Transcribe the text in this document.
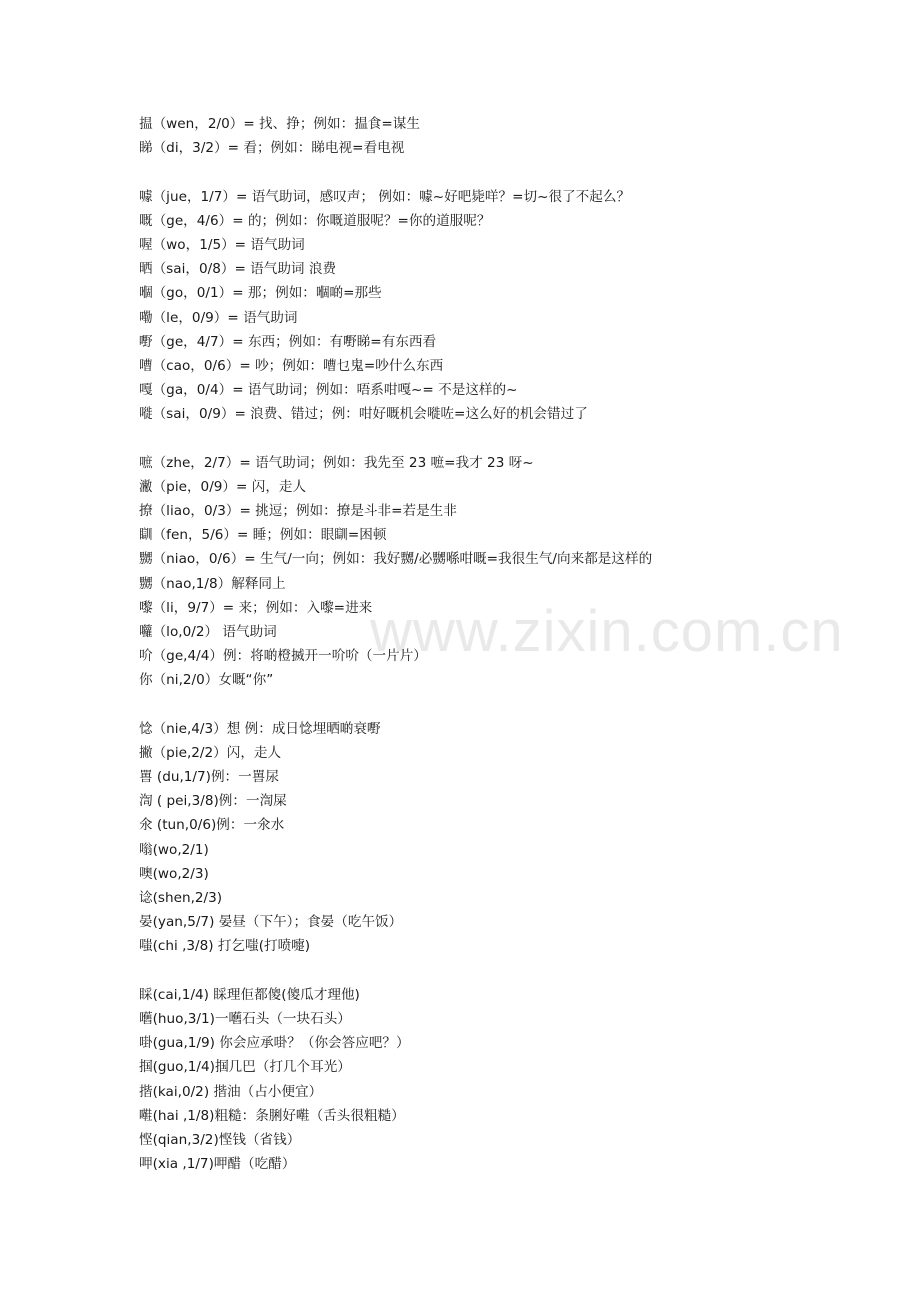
www.zixin.com.cn
揾（wen，2/0）= 找、挣；例如：揾食=谋生
睇（di，3/2）= 看；例如：睇电视=看电视
噱（jue，1/7）= 语气助词，感叹声； 例如：噱~好吧毙咩？=切~很了不起么？
嘅（ge，4/6）= 的；例如：你嘅道服呢？=你的道服呢？
喔（wo，1/5）= 语气助词
晒（sai，0/8）= 语气助词 浪费
嗰（go，0/1）= 那；例如：嗰啲=那些
嘞（le，0/9）= 语气助词
嘢（ge，4/7）= 东西；例如：有嘢睇=有东西看
嘈（cao，0/6）= 吵；例如：嘈乜鬼=吵什么东西
嘎（ga，0/4）= 语气助词；例如：唔系咁嘎~= 不是这样的~
嘥（sai，0/9）= 浪费、错过；例：咁好嘅机会嘥咗=这么好的机会错过了
嗻（zhe，2/7）= 语气助词；例如：我先至 23 嗻=我才 23 呀~
潎（pie，0/9）= 闪，走人
撩（liao，0/3）= 挑逗；例如：撩是斗非=若是生非
瞓（fen，5/6）= 睡；例如：眼瞓=困顿
嬲（niao，0/6）= 生气/一向；例如：我好嬲/必嬲喺咁嘅=我很生气/向来都是这样的
嬲（nao,1/8）解释同上
嚟（li，9/7）= 来；例如：入嚟=进来
囖（lo,0/2） 语气助词
吤（ge,4/4）例：将啲橙搣开一吤吤（一片片）
你（ni,2/0）女嘅“你”
惗（nie,4/3）想 例：成日惗埋晒啲衰嘢
撇（pie,2/2）闪，走人
嘼 (du,1/7)例：一嘼尿
渹 ( pei,3/8)例：一渹屎
氽 (tun,0/6)例：一氽水
嗡(wo,2/1)
噢(wo,2/3)
谂(shen,2/3)
晏(yan,5/7) 晏昼（下午）；食晏（吃午饭）
嗤(chi ,3/8) 打乞嗤(打喷嚏)
睬(cai,1/4) 睬理佢都傻(傻瓜才理他)
嚿(huo,3/1)一嚿石头（一块石头）
啩(gua,1/9) 你会应承啩？（你会答应吧？）
掴(guo,1/4)掴几巴（打几个耳光）
揩(kai,0/2) 揩油（占小便宜）
嚡(hai ,1/8)粗糙：条脷好嚡（舌头很粗糙）
悭(qian,3/2)悭钱（省钱）
呷(xia ,1/7)呷醋（吃醋）
